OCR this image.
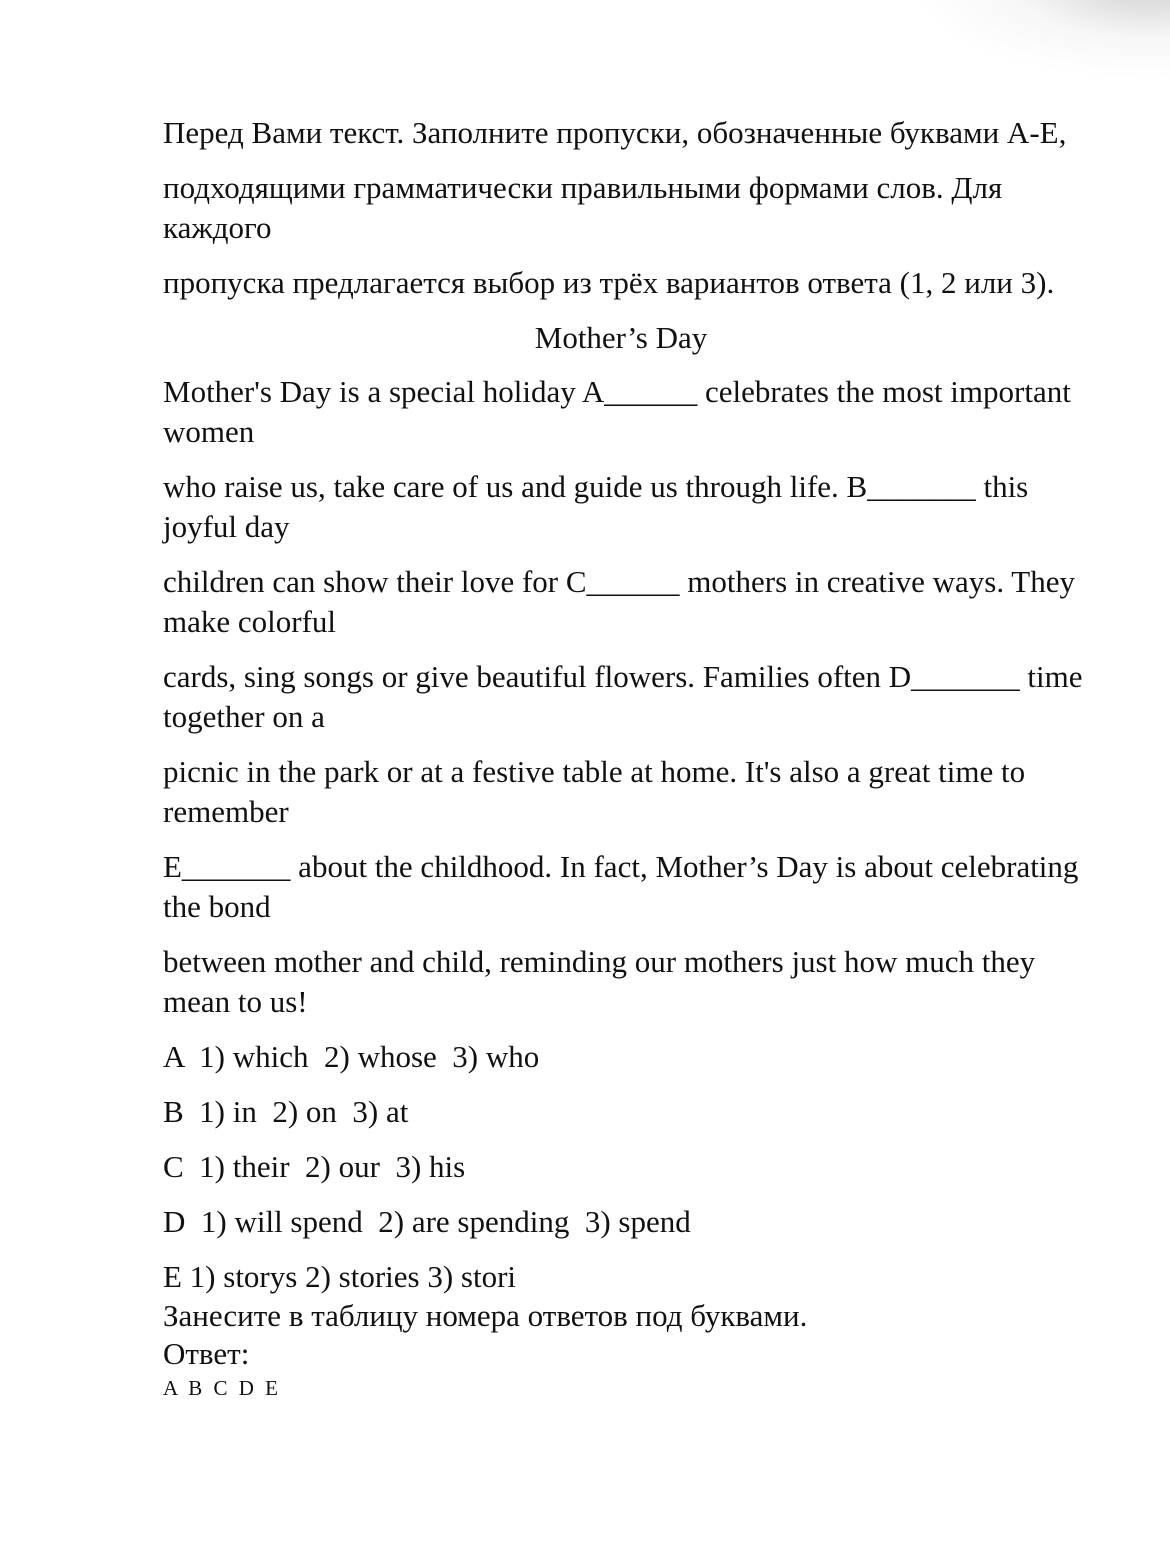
Перед Вами текст. Заполните пропуски, обозначенные буквами A-E,

подходящими грамматически правильными формами слов. Для каждого

пропуска предлагается выбор из трёх вариантов ответа (1, 2 или 3).

Mother’s Day

Mother's Day is a special holiday A______ celebrates the most important women

who raise us, take care of us and guide us through life. B_______ this joyful day

children can show their love for C______ mothers in creative ways. They make colorful

cards, sing songs or give beautiful flowers. Families often D_______ time together on a

picnic in the park or at a festive table at home. It's also a great time to remember

E_______ about the childhood. In fact, Mother’s Day is about celebrating the bond

between mother and child, reminding our mothers just how much they mean to us!

A  1) which  2) whose  3) who

B  1) in  2) on  3) at

C  1) their  2) our  3) his

D  1) will spend  2) are spending  3) spend

E 1) storys 2) stories 3) stori

Занесите в таблицу номера ответов под буквами.

Ответ:

A B C D E
